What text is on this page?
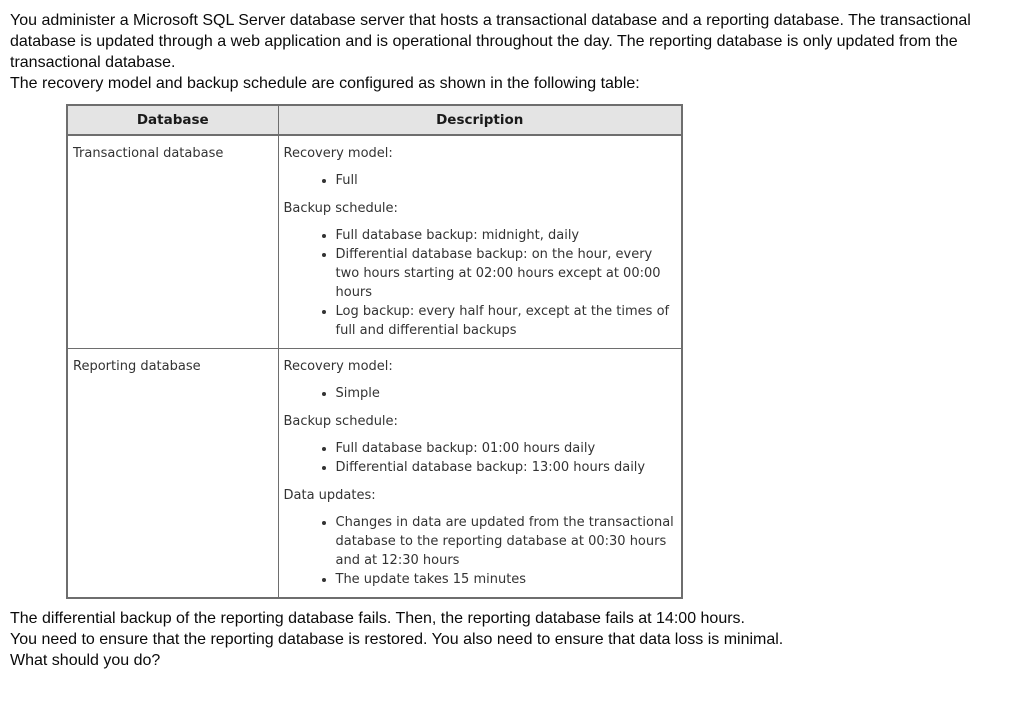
© Window Sni
You administer a Microsoft SQL Server database server that hosts a transactional database and a reporting database. The transactional database is updated through a web application and is operational throughout the day. The reporting database is only updated from the transactional database.
The recovery model and backup schedule are configured as shown in the following table:
Database	Description

Transactional database	Recovery model:
• Full
Backup schedule:
• Full database backup: midnight, daily
• Differential database backup: on the hour, every two hours starting at 02:00 hours except at 00:00 hours
• Log backup: every half hour, except at the times of full and differential backups

Reporting database	Recovery model:
• Simple
Backup schedule:
• Full database backup: 01:00 hours daily
• Differential database backup: 13:00 hours daily
Data updates:
• Changes in data are updated from the transactional database to the reporting database at 00:30 hours and at 12:30 hours
• The update takes 15 minutes
The differential backup of the reporting database fails. Then, the reporting database fails at 14:00 hours.
You need to ensure that the reporting database is restored. You also need to ensure that data loss is minimal.
What should you do?
